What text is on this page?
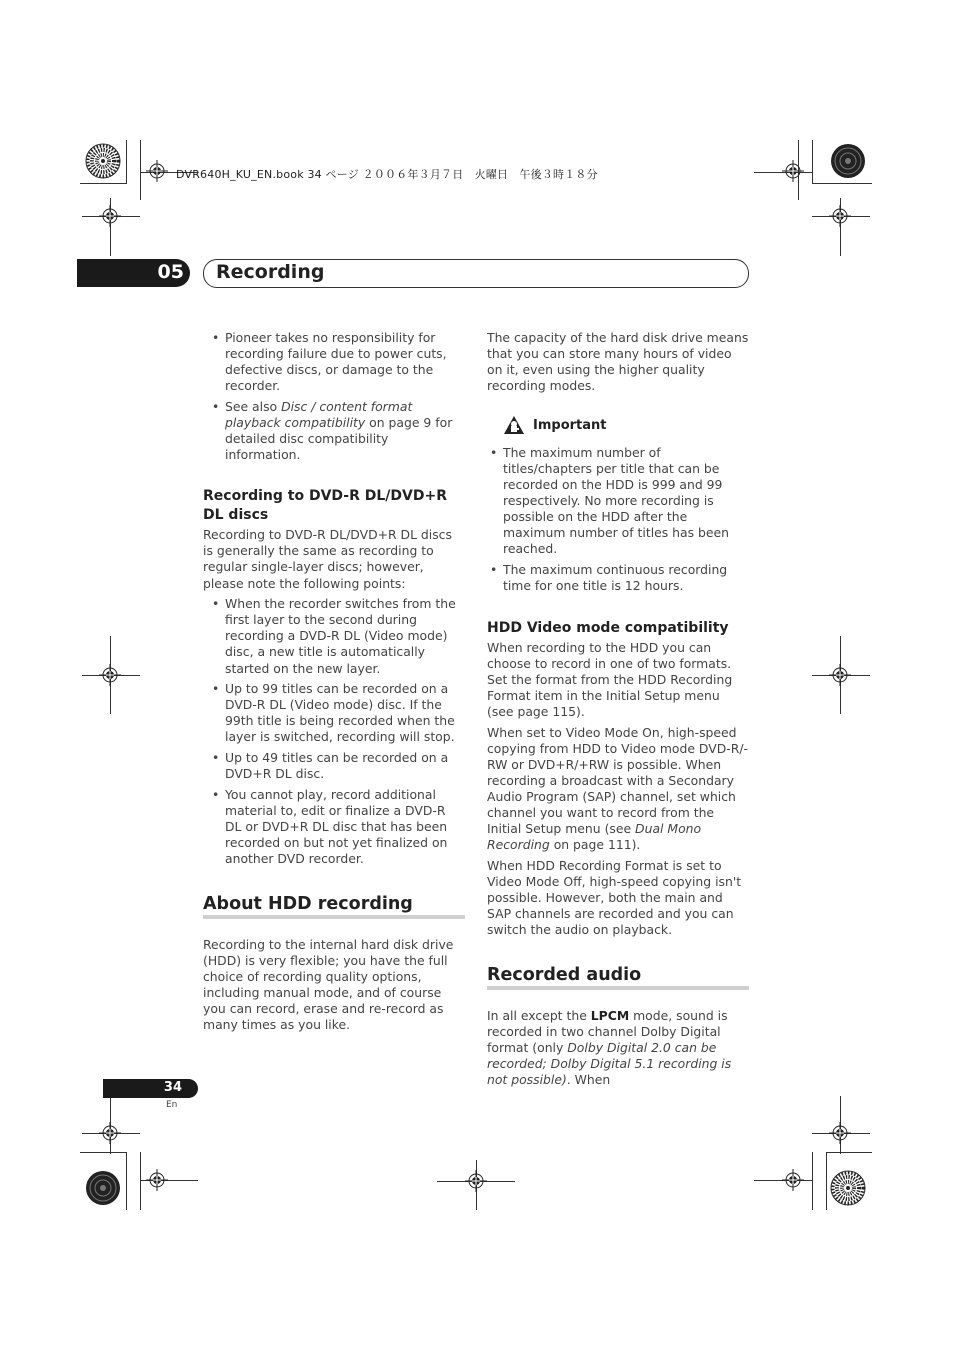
DVR640H_KU_EN.book 34 ページ ２００６年３月７日　火曜日　午後３時１８分
05 Recording
• Pioneer takes no responsibility for recording failure due to power cuts, defective discs, or damage to the recorder.
• See also Disc / content format playback compatibility on page 9 for detailed disc compatibility information.
Recording to DVD-R DL/DVD+R DL discs

Recording to DVD-R DL/DVD+R DL discs is generally the same as recording to regular single-layer discs; however, please note the following points:

• When the recorder switches from the first layer to the second during recording a DVD-R DL (Video mode) disc, a new title is automatically started on the new layer.
• Up to 99 titles can be recorded on a DVD-R DL (Video mode) disc. If the 99th title is being recorded when the layer is switched, recording will stop.
• Up to 49 titles can be recorded on a DVD+R DL disc.
• You cannot play, record additional material to, edit or finalize a DVD-R DL or DVD+R DL disc that has been recorded on but not yet finalized on another DVD recorder.
About HDD recording

Recording to the internal hard disk drive (HDD) is very flexible; you have the full choice of recording quality options, including manual mode, and of course you can record, erase and re-record as many times as you like.

The capacity of the hard disk drive means that you can store many hours of video on it, even using the higher quality recording modes.

Important
• The maximum number of titles/chapters per title that can be recorded on the HDD is 999 and 99 respectively. No more recording is possible on the HDD after the maximum number of titles has been reached.
• The maximum continuous recording time for one title is 12 hours.
HDD Video mode compatibility

When recording to the HDD you can choose to record in one of two formats. Set the format from the HDD Recording Format item in the Initial Setup menu (see page 115).

When set to Video Mode On, high-speed copying from HDD to Video mode DVD-R/-RW or DVD+R/+RW is possible. When recording a broadcast with a Secondary Audio Program (SAP) channel, set which channel you want to record from the Initial Setup menu (see Dual Mono Recording on page 111).

When HDD Recording Format is set to Video Mode Off, high-speed copying isn't possible. However, both the main and SAP channels are recorded and you can switch the audio on playback.

Recorded audio

In all except the LPCM mode, sound is recorded in two channel Dolby Digital format (only Dolby Digital 2.0 can be recorded; Dolby Digital 5.1 recording is not possible). When

34
En
